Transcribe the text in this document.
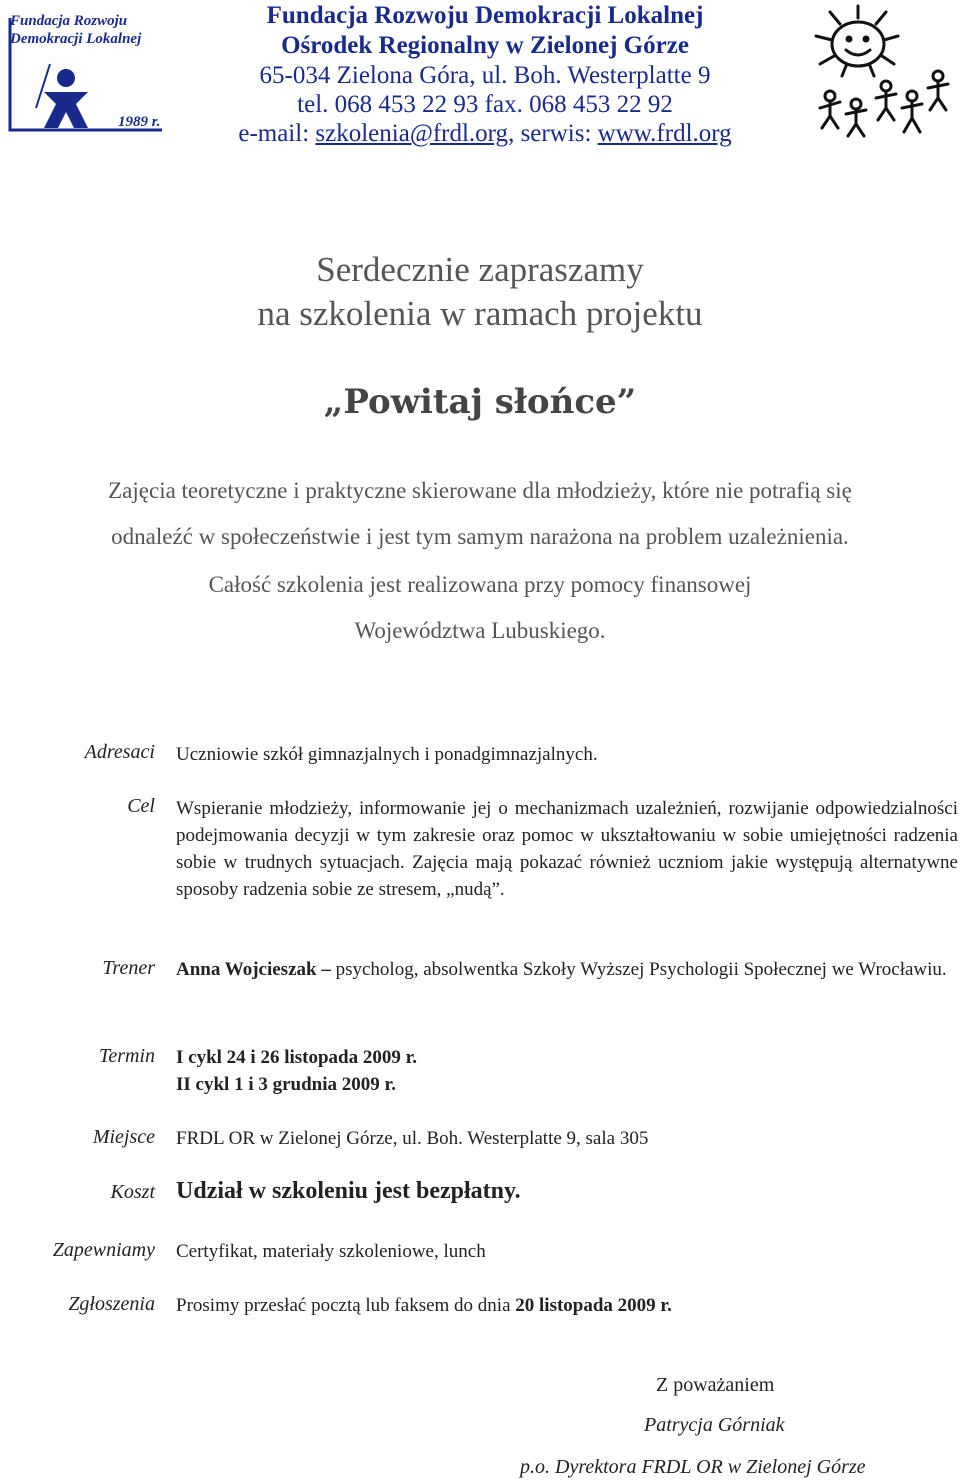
Fundacja Rozwoju
Demokracji Lokalnej
1989 r.
Fundacja Rozwoju Demokracji Lokalnej
Ośrodek Regionalny w Zielonej Górze
65-034 Zielona Góra, ul. Boh. Westerplatte 9
tel. 068 453 22 93 fax. 068 453 22 92
e-mail: szkolenia@frdl.org, serwis: www.frdl.org
Serdecznie zapraszamy
na szkolenia w ramach projektu
„Powitaj słońce”
Zajęcia teoretyczne i praktyczne skierowane dla młodzieży, które nie potrafią się
odnaleźć w społeczeństwie i jest tym samym narażona na problem uzależnienia.
Całość szkolenia jest realizowana przy pomocy finansowej
Województwa Lubuskiego.
Adresaci Uczniowie szkół gimnazjalnych i ponadgimnazjalnych.
Cel Wspieranie młodzieży, informowanie jej o mechanizmach uzależnień, rozwijanie odpowiedzialności podejmowania decyzji w tym zakresie oraz pomoc w ukształtowaniu w sobie umiejętności radzenia sobie w trudnych sytuacjach. Zajęcia mają pokazać również uczniom jakie występują alternatywne sposoby radzenia sobie ze stresem, „nudą”.
Trener Anna Wojcieszak – psycholog, absolwentka Szkoły Wyższej Psychologii Społecznej we Wrocławiu.
Termin I cykl 24 i 26 listopada 2009 r.
II cykl 1 i 3 grudnia 2009 r.
Miejsce FRDL OR w Zielonej Górze, ul. Boh. Westerplatte 9, sala 305
Koszt Udział w szkoleniu jest bezpłatny.
Zapewniamy Certyfikat, materiały szkoleniowe, lunch
Zgłoszenia Prosimy przesłać pocztą lub faksem do dnia 20 listopada 2009 r.
Z poważaniem
Patrycja Górniak
p.o. Dyrektora FRDL OR w Zielonej Górze
